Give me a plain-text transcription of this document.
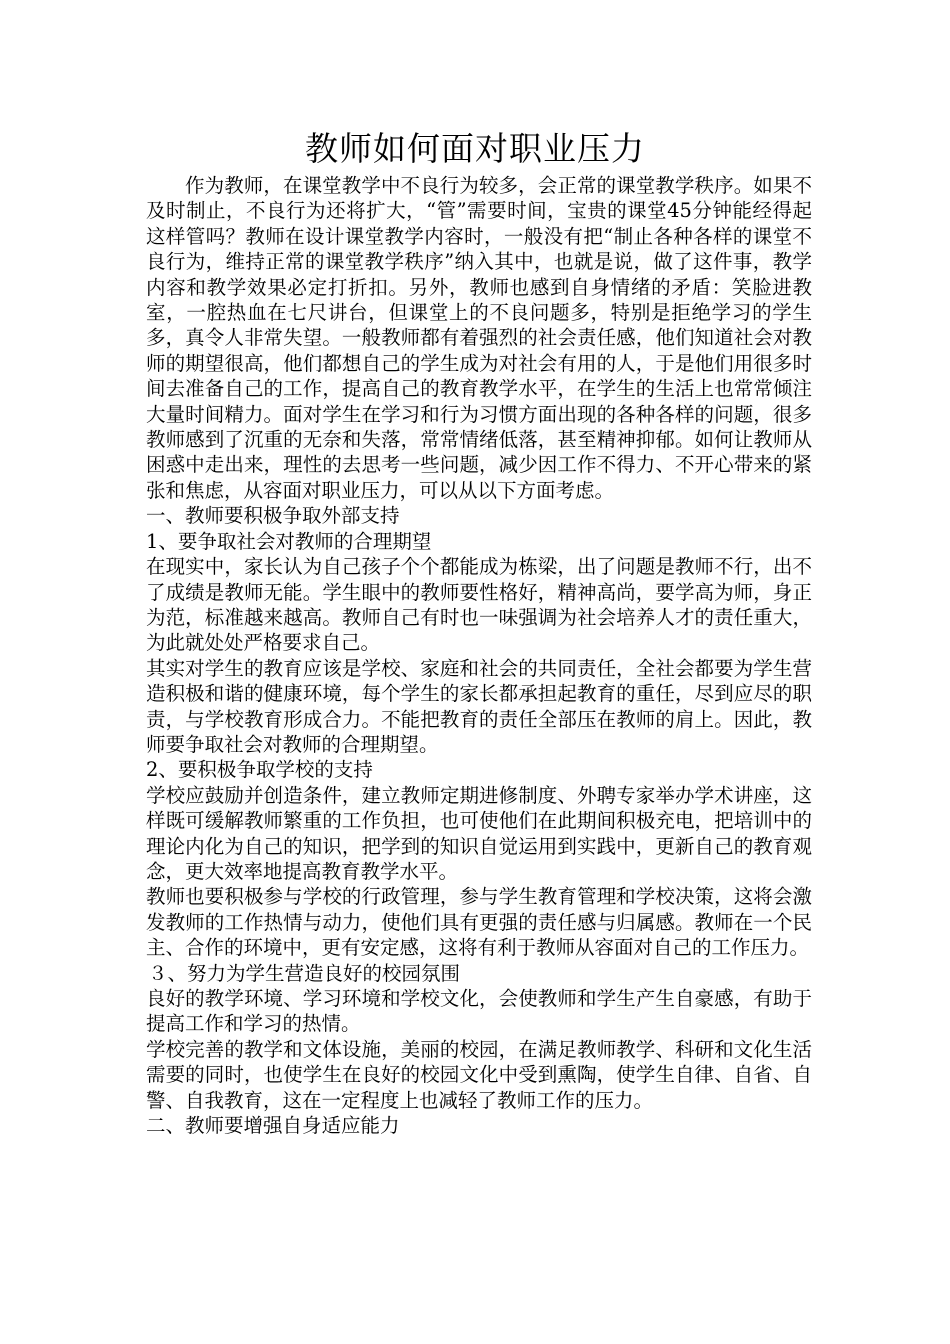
教师如何面对职业压力

作为教师，在课堂教学中不良行为较多，会正常的课堂教学秩序。如果不及时制止，不良行为还将扩大，“管”需要时间，宝贵的课堂45分钟能经得起这样管吗？教师在设计课堂教学内容时，一般没有把“制止各种各样的课堂不良行为，维持正常的课堂教学秩序”纳入其中，也就是说，做了这件事，教学内容和教学效果必定打折扣。另外，教师也感到自身情绪的矛盾：笑脸进教室，一腔热血在七尺讲台，但课堂上的不良问题多，特别是拒绝学习的学生多，真令人非常失望。一般教师都有着强烈的社会责任感，他们知道社会对教师的期望很高，他们都想自己的学生成为对社会有用的人，于是他们用很多时间去准备自己的工作，提高自己的教育教学水平，在学生的生活上也常常倾注大量时间精力。面对学生在学习和行为习惯方面出现的各种各样的问题，很多教师感到了沉重的无奈和失落，常常情绪低落，甚至精神抑郁。如何让教师从困惑中走出来，理性的去思考一些问题，减少因工作不得力、不开心带来的紧张和焦虑，从容面对职业压力，可以从以下方面考虑。

一、教师要积极争取外部支持

1、要争取社会对教师的合理期望

在现实中，家长认为自己孩子个个都能成为栋梁，出了问题是教师不行，出不了成绩是教师无能。学生眼中的教师要性格好，精神高尚，要学高为师，身正为范，标准越来越高。教师自己有时也一味强调为社会培养人才的责任重大，为此就处处严格要求自己。

其实对学生的教育应该是学校、家庭和社会的共同责任，全社会都要为学生营造积极和谐的健康环境，每个学生的家长都承担起教育的重任，尽到应尽的职责，与学校教育形成合力。不能把教育的责任全部压在教师的肩上。因此，教师要争取社会对教师的合理期望。

2、要积极争取学校的支持

学校应鼓励并创造条件，建立教师定期进修制度、外聘专家举办学术讲座，这样既可缓解教师繁重的工作负担，也可使他们在此期间积极充电，把培训中的理论内化为自己的知识，把学到的知识自觉运用到实践中，更新自己的教育观念，更大效率地提高教育教学水平。

教师也要积极参与学校的行政管理，参与学生教育管理和学校决策，这将会激发教师的工作热情与动力，使他们具有更强的责任感与归属感。教师在一个民主、合作的环境中，更有安定感，这将有利于教师从容面对自己的工作压力。

３、努力为学生营造良好的校园氛围

良好的教学环境、学习环境和学校文化，会使教师和学生产生自豪感，有助于提高工作和学习的热情。

学校完善的教学和文体设施，美丽的校园，在满足教师教学、科研和文化生活需要的同时，也使学生在良好的校园文化中受到熏陶，使学生自律、自省、自警、自我教育，这在一定程度上也减轻了教师工作的压力。

二、教师要增强自身适应能力
